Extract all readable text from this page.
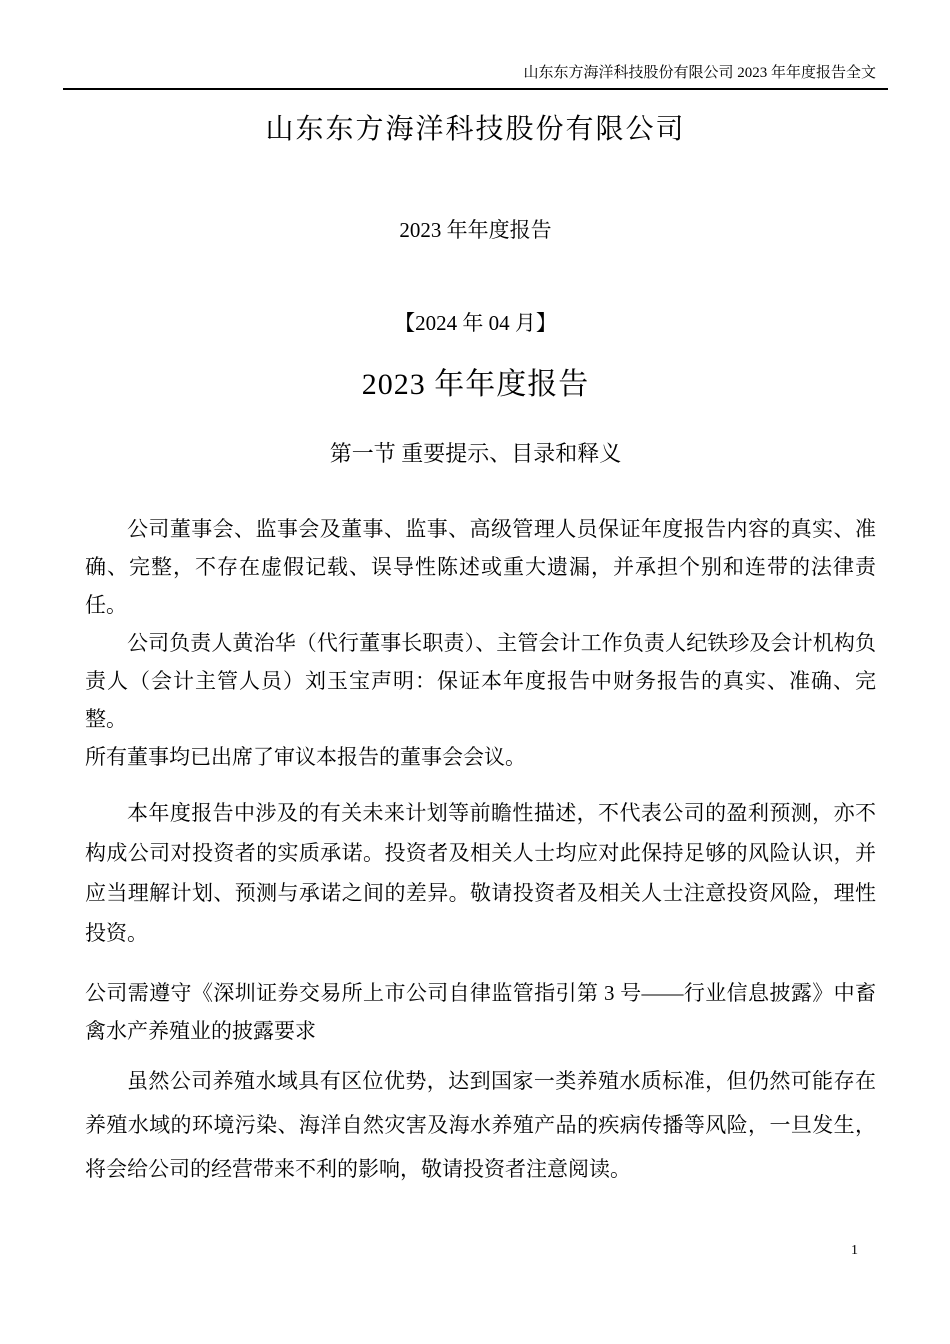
山东东方海洋科技股份有限公司 2023 年年度报告全文
山东东方海洋科技股份有限公司
2023 年年度报告
【2024 年 04 月】
2023 年年度报告
第一节 重要提示、目录和释义

公司董事会、监事会及董事、监事、高级管理人员保证年度报告内容的真实、准确、完整，不存在虚假记载、误导性陈述或重大遗漏，并承担个别和连带的法律责任。

公司负责人黄治华（代行董事长职责）、主管会计工作负责人纪铁珍及会计机构负责人（会计主管人员）刘玉宝声明：保证本年度报告中财务报告的真实、准确、完整。

所有董事均已出席了审议本报告的董事会会议。

本年度报告中涉及的有关未来计划等前瞻性描述，不代表公司的盈利预测，亦不构成公司对投资者的实质承诺。投资者及相关人士均应对此保持足够的风险认识，并应当理解计划、预测与承诺之间的差异。敬请投资者及相关人士注意投资风险，理性投资。

公司需遵守《深圳证券交易所上市公司自律监管指引第 3 号——行业信息披露》中畜禽水产养殖业的披露要求

虽然公司养殖水域具有区位优势，达到国家一类养殖水质标准，但仍然可能存在养殖水域的环境污染、海洋自然灾害及海水养殖产品的疾病传播等风险，一旦发生，将会给公司的经营带来不利的影响，敬请投资者注意阅读。

1
